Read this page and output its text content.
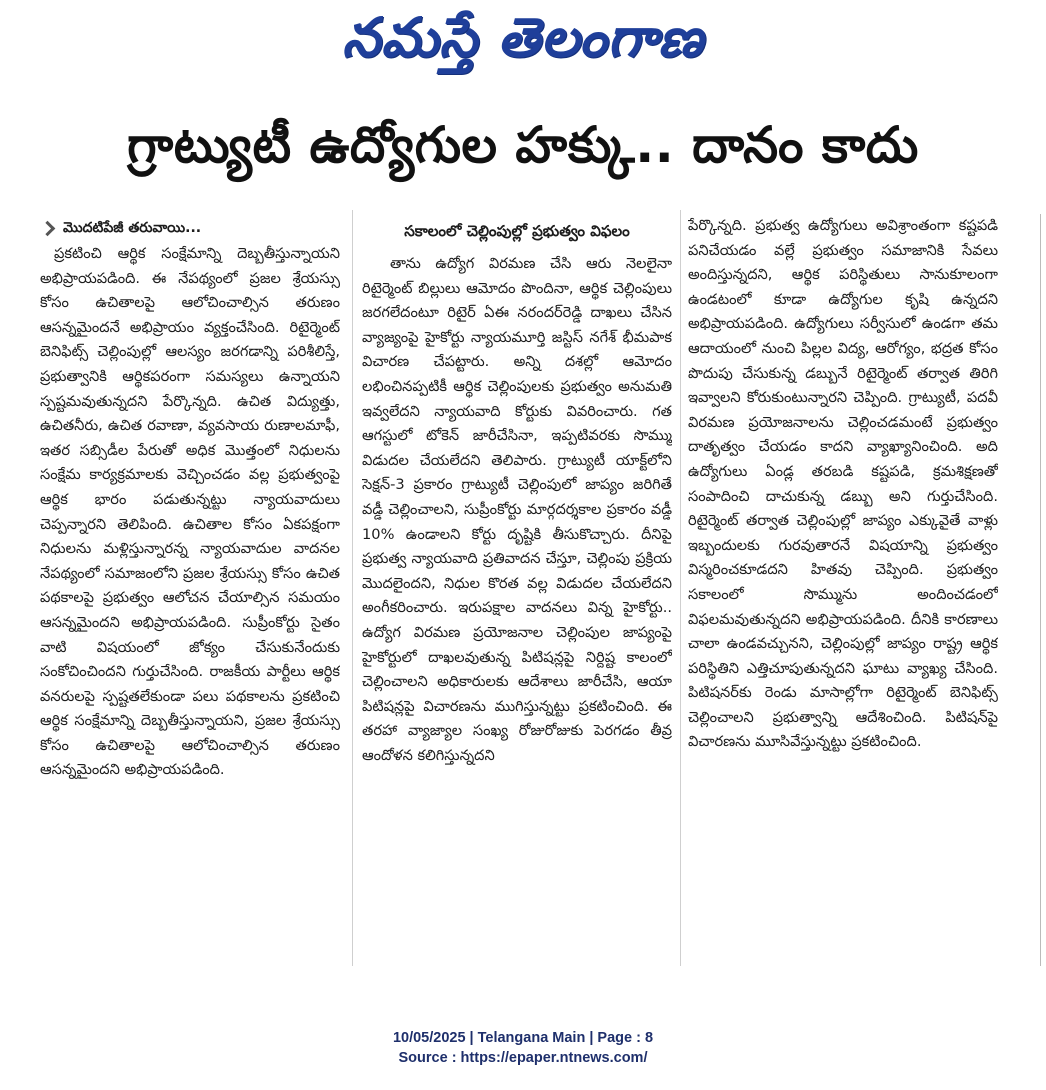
నమస్తే తెలంగాణ
గ్రాట్యుటీ ఉద్యోగుల హక్కు.. దానం కాదు
మొదటిపేజీ తరువాయి...

ప్రకటించి ఆర్థిక సంక్షేమాన్ని దెబ్బతీస్తున్నాయని అభిప్రాయపడింది. ఈ నేపథ్యంలో ప్రజల శ్రేయస్సు కోసం ఉచితాలపై ఆలోచించాల్సిన తరుణం ఆసన్నమైందనే అభిప్రాయం వ్యక్తంచేసింది. రిటైర్మెంట్ బెనిఫిట్స్ చెల్లింపుల్లో ఆలస్యం జరగడాన్ని పరిశీలిస్తే, ప్రభుత్వానికి ఆర్థికపరంగా సమస్యలు ఉన్నాయని స్పష్టమవుతున్నదని పేర్కొన్నది. ఉచిత విద్యుత్తు, ఉచితనీరు, ఉచిత రవాణా, వ్యవసాయ రుణాలమాఫీ, ఇతర సబ్సిడీల పేరుతో అధిక మొత్తంలో నిధులను సంక్షేమ కార్యక్రమాలకు వెచ్చించడం వల్ల ప్రభుత్వంపై ఆర్థిక భారం పడుతున్నట్టు న్యాయవాదులు చెప్పన్నారని తెలిపింది. ఉచితాల కోసం ఏకపక్షంగా నిధులను మళ్లిస్తున్నారన్న న్యాయవాదుల వాదనల నేపథ్యంలో సమాజంలోని ప్రజల శ్రేయస్సు కోసం ఉచిత పథకాలపై ప్రభుత్వం ఆలోచన చేయాల్సిన సమయం ఆసన్నమైందని అభిప్రాయపడింది. సుప్రీంకోర్టు సైతం వాటి విషయంలో జోక్యం చేసుకునేందుకు సంకోచించిందని గుర్తుచేసింది. రాజకీయ పార్టీలు ఆర్థిక వనరులపై స్పష్టతలేకుండా పలు పథకాలను ప్రకటించి ఆర్థిక సంక్షేమాన్ని దెబ్బతీస్తున్నాయని, ప్రజల శ్రేయస్సు కోసం ఉచితాలపై ఆలోచించాల్సిన తరుణం ఆసన్నమైందని అభిప్రాయపడింది.

సకాలంలో చెల్లింపుల్లో ప్రభుత్వం విఫలం

తాను ఉద్యోగ విరమణ చేసి ఆరు నెలలైనా రిటైర్మెంట్ బిల్లులు ఆమోదం పొందినా, ఆర్థిక చెల్లింపులు జరగలేదంటూ రిటైర్ ఏఈ నరందర్‌రెడ్డి దాఖలు చేసిన వ్యాజ్యంపై హైకోర్టు న్యాయమూర్తి జస్టిస్ నగేశ్ భీమపాక విచారణ చేపట్టారు. అన్ని దశల్లో ఆమోదం లభించినప్పటికీ ఆర్థిక చెల్లింపులకు ప్రభుత్వం అనుమతి ఇవ్వలేదని న్యాయవాది కోర్టుకు వివరించారు. గత ఆగస్టులో టోకెన్ జారీచేసినా, ఇప్పటివరకు సొమ్ము విడుదల చేయలేదని తెలిపారు. గ్రాట్యుటీ యాక్ట్‌లోని సెక్షన్-3 ప్రకారం గ్రాట్యుటీ చెల్లింపులో జాప్యం జరిగితే వడ్డీ చెల్లించాలని, సుప్రీంకోర్టు మార్గదర్శకాల ప్రకారం వడ్డీ 10% ఉండాలని కోర్టు దృష్టికి తీసుకొచ్చారు. దీనిపై ప్రభుత్వ న్యాయవాది ప్రతివాదన చేస్తూ, చెల్లింపు ప్రక్రియ మొదలైందని, నిధుల కొరత వల్ల విడుదల చేయలేదని అంగీకరించారు. ఇరుపక్షాల వాదనలు విన్న హైకోర్టు.. ఉద్యోగ విరమణ ప్రయోజనాల చెల్లింపుల జాప్యంపై హైకోర్టులో దాఖలవుతున్న పిటిషన్లపై నిర్దిష్ట కాలంలో చెల్లించాలని అధికారులకు ఆదేశాలు జారీచేసి, ఆయా పిటిషన్లపై విచారణను ముగిస్తున్నట్టు ప్రకటించింది. ఈ తరహా వ్యాజ్యాల సంఖ్య రోజురోజుకు పెరగడం తీవ్ర ఆందోళన కలిగిస్తున్నదని

పేర్కొన్నది. ప్రభుత్వ ఉద్యోగులు అవిశ్రాంతంగా కష్టపడి పనిచేయడం వల్లే ప్రభుత్వం సమాజానికి సేవలు అందిస్తున్నదని, ఆర్థిక పరిస్థితులు సానుకూలంగా ఉండటంలో కూడా ఉద్యోగుల కృషి ఉన్నదని అభిప్రాయపడింది. ఉద్యోగులు సర్వీసులో ఉండగా తమ ఆదాయంలో నుంచి పిల్లల విద్య, ఆరోగ్యం, భద్రత కోసం పొదుపు చేసుకున్న డబ్బునే రిటైర్మెంట్ తర్వాత తిరిగి ఇవ్వాలని కోరుకుంటున్నారని చెప్పింది. గ్రాట్యుటీ, పదవీ విరమణ ప్రయోజనాలను చెల్లించడమంటే ప్రభుత్వం దాతృత్వం చేయడం కాదని వ్యాఖ్యానించింది. అది ఉద్యోగులు ఏండ్ల తరబడి కష్టపడి, క్రమశిక్షణతో సంపాదించి దాచుకున్న డబ్బు అని గుర్తుచేసింది. రిటైర్మెంట్ తర్వాత చెల్లింపుల్లో జాప్యం ఎక్కువైతే వాళ్లు ఇబ్బందులకు గురవుతారనే విషయాన్ని ప్రభుత్వం విస్మరించకూడదని హితవు చెప్పింది. ప్రభుత్వం సకాలంలో సొమ్మును అందించడంలో విఫలమవుతున్నదని అభిప్రాయపడింది. దీనికి కారణాలు చాలా ఉండవచ్చునని, చెల్లింపుల్లో జాప్యం రాష్ట్ర ఆర్థిక పరిస్థితిని ఎత్తిచూపుతున్నదని ఘాటు వ్యాఖ్య చేసింది. పిటిషనర్‌కు రెండు మాసాల్లోగా రిటైర్మెంట్ బెనిఫిట్స్ చెల్లించాలని ప్రభుత్వాన్ని ఆదేశించింది. పిటిషన్‌పై విచారణను మూసివేస్తున్నట్టు ప్రకటించింది.

10/05/2025 | Telangana Main | Page : 8
Source : https://epaper.ntnews.com/
